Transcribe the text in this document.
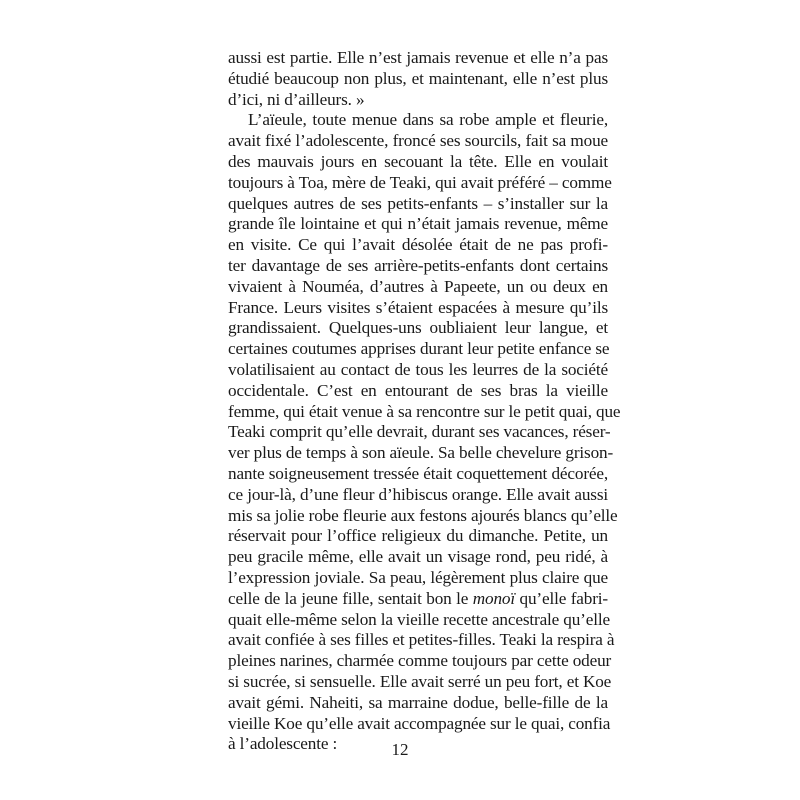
aussi est partie. Elle n’est jamais revenue et elle n’a pas
étudié beaucoup non plus, et maintenant, elle n’est plus
d’ici, ni d’ailleurs. »
L’aïeule, toute menue dans sa robe ample et fleurie,
avait fixé l’adolescente, froncé ses sourcils, fait sa moue
des mauvais jours en secouant la tête. Elle en voulait
toujours à Toa, mère de Teaki, qui avait préféré – comme
quelques autres de ses petits-enfants – s’installer sur la
grande île lointaine et qui n’était jamais revenue, même
en visite. Ce qui l’avait désolée était de ne pas profi-
ter davantage de ses arrière-petits-enfants dont certains
vivaient à Nouméa, d’autres à Papeete, un ou deux en
France. Leurs visites s’étaient espacées à mesure qu’ils
grandissaient. Quelques-uns oubliaient leur langue, et
certaines coutumes apprises durant leur petite enfance se
volatilisaient au contact de tous les leurres de la société
occidentale. C’est en entourant de ses bras la vieille
femme, qui était venue à sa rencontre sur le petit quai, que
Teaki comprit qu’elle devrait, durant ses vacances, réser-
ver plus de temps à son aïeule. Sa belle chevelure grison-
nante soigneusement tressée était coquettement décorée,
ce jour-là, d’une fleur d’hibiscus orange. Elle avait aussi
mis sa jolie robe fleurie aux festons ajourés blancs qu’elle
réservait pour l’office religieux du dimanche. Petite, un
peu gracile même, elle avait un visage rond, peu ridé, à
l’expression joviale. Sa peau, légèrement plus claire que
celle de la jeune fille, sentait bon le monoï qu’elle fabri-
quait elle-même selon la vieille recette ancestrale qu’elle
avait confiée à ses filles et petites-filles. Teaki la respira à
pleines narines, charmée comme toujours par cette odeur
si sucrée, si sensuelle. Elle avait serré un peu fort, et Koe
avait gémi. Naheiti, sa marraine dodue, belle-fille de la
vieille Koe qu’elle avait accompagnée sur le quai, confia
à l’adolescente :	12
